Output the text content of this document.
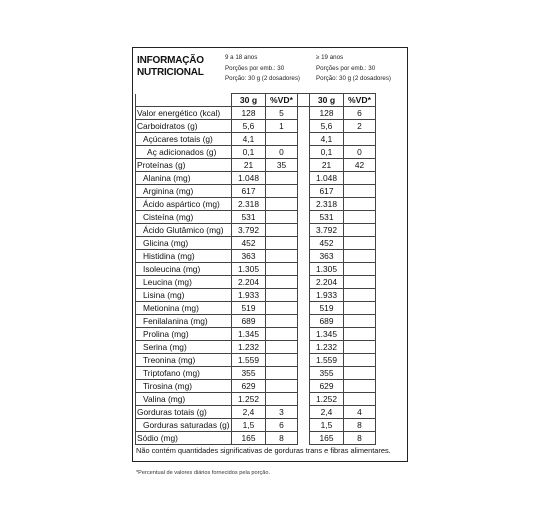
INFORMAÇÃO
NUTRICIONAL
9 a 18 anos
Porções por emb.: 30
Porção: 30 g (2 dosadores)
≥ 19 anos
Porções por emb.: 30
Porção: 30 g (2 dosadores)
	30 g	%VD*		30 g	%VD*
Valor energético (kcal)	128	5		128	6
Carboidratos (g)	5,6	1		5,6	2
Açúcares totais (g)	4,1			4,1	
Aç adicionados (g)	0,1	0		0,1	0
Proteínas (g)	21	35		21	42
Alanina (mg)	1.048			1.048	
Arginina (mg)	617			617	
Ácido aspártico (mg)	2.318			2.318	
Cisteína (mg)	531			531	
Ácido Glutâmico (mg)	3.792			3.792	
Glicina (mg)	452			452	
Histidina (mg)	363			363	
Isoleucina (mg)	1.305			1.305	
Leucina (mg)	2.204			2.204	
Lisina (mg)	1.933			1.933	
Metionina (mg)	519			519	
Fenilalanina (mg)	689			689	
Prolina (mg)	1.345			1.345	
Serina (mg)	1.232			1.232	
Treonina (mg)	1.559			1.559	
Triptofano (mg)	355			355	
Tirosina (mg)	629			629	
Valina (mg)	1.252			1.252	
Gorduras totais (g)	2,4	3		2,4	4
Gorduras saturadas (g)	1,5	6		1,5	8
Sódio (mg)	165	8		165	8
Não contém quantidades significativas de gorduras trans e fibras alimentares.
*Percentual de valores diários fornecidos pela porção.
